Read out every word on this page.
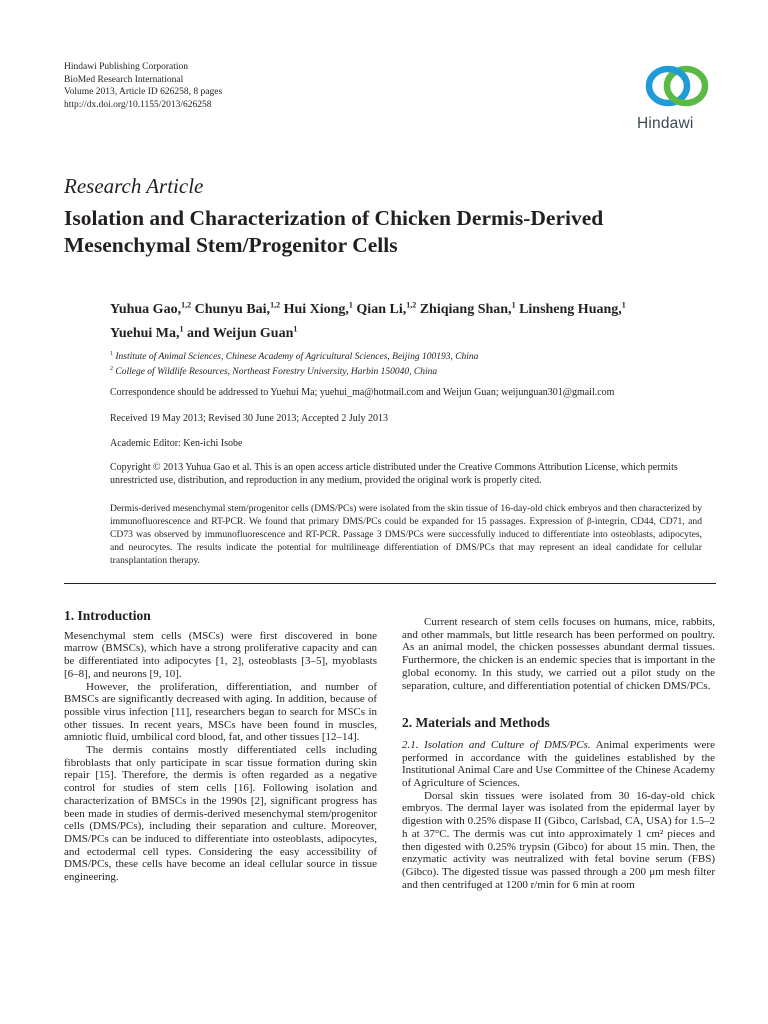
Hindawi Publishing Corporation
BioMed Research International
Volume 2013, Article ID 626258, 8 pages
http://dx.doi.org/10.1155/2013/626258
Hindawi
Research Article
Isolation and Characterization of Chicken Dermis-Derived
Mesenchymal Stem/Progenitor Cells
Yuhua Gao,$^{1,2}$ Chunyu Bai,$^{1,2}$ Hui Xiong,$^1$ Qian Li,$^{1,2}$ Zhiqiang Shan,$^1$ Linsheng Huang,$^1$
Yuehui Ma,$^1$ and Weijun Guan$^1$
$^1$ Institute of Animal Sciences, Chinese Academy of Agricultural Sciences, Beijing 100193, China
$^2$ College of Wildlife Resources, Northeast Forestry University, Harbin 150040, China
Correspondence should be addressed to Yuehui Ma; yuehui_ma@hotmail.com and Weijun Guan; weijunguan301@gmail.com
Received 19 May 2013; Revised 30 June 2013; Accepted 2 July 2013
Academic Editor: Ken-ichi Isobe
Copyright © 2013 Yuhua Gao et al. This is an open access article distributed under the Creative Commons Attribution License, which permits unrestricted use, distribution, and reproduction in any medium, provided the original work is properly cited.
Dermis-derived mesenchymal stem/progenitor cells (DMS/PCs) were isolated from the skin tissue of 16-day-old chick embryos and then characterized by immunofluorescence and RT-PCR. We found that primary DMS/PCs could be expanded for 15 passages. Expression of β-integrin, CD44, CD71, and CD73 was observed by immunofluorescence and RT-PCR. Passage 3 DMS/PCs were successfully induced to differentiate into osteoblasts, adipocytes, and neurocytes. The results indicate the potential for multilineage differentiation of DMS/PCs that may represent an ideal candidate for cellular transplantation therapy.
1. Introduction

Mesenchymal stem cells (MSCs) were first discovered in bone marrow (BMSCs), which have a strong proliferative capacity and can be differentiated into adipocytes [1, 2], osteoblasts [3–5], myoblasts [6–8], and neurons [9, 10].

However, the proliferation, differentiation, and number of BMSCs are significantly decreased with aging. In addition, because of possible virus infection [11], researchers began to search for MSCs in other tissues. In recent years, MSCs have been found in muscles, amniotic fluid, umbilical cord blood, fat, and other tissues [12–14].

The dermis contains mostly differentiated cells including fibroblasts that only participate in scar tissue formation during skin repair [15]. Therefore, the dermis is often regarded as a negative control for studies of stem cells [16]. Following isolation and characterization of BMSCs in the 1990s [2], significant progress has been made in studies of dermis-derived mesenchymal stem/progenitor cells (DMS/PCs), including their separation and culture. Moreover, DMS/PCs can be induced to differentiate into osteoblasts, adipocytes, and ectodermal cell types. Considering the easy accessibility of DMS/PCs, these cells have become an ideal cellular source in tissue engineering.

Current research of stem cells focuses on humans, mice, rabbits, and other mammals, but little research has been performed on poultry. As an animal model, the chicken possesses abundant dermal tissues. Furthermore, the chicken is an endemic species that is important in the global economy. In this study, we carried out a pilot study on the separation, culture, and differentiation potential of chicken DMS/PCs.

2. Materials and Methods

2.1. Isolation and Culture of DMS/PCs. Animal experiments were performed in accordance with the guidelines established by the Institutional Animal Care and Use Committee of the Chinese Academy of Agriculture of Sciences.

Dorsal skin tissues were isolated from 30 16-day-old chick embryos. The dermal layer was isolated from the epidermal layer by digestion with 0.25% dispase II (Gibco, Carlsbad, CA, USA) for 1.5–2 h at 37°C. The dermis was cut into approximately 1 cm² pieces and then digested with 0.25% trypsin (Gibco) for about 15 min. Then, the enzymatic activity was neutralized with fetal bovine serum (FBS) (Gibco). The digested tissue was passed through a 200 μm mesh filter and then centrifuged at 1200 r/min for 6 min at room
